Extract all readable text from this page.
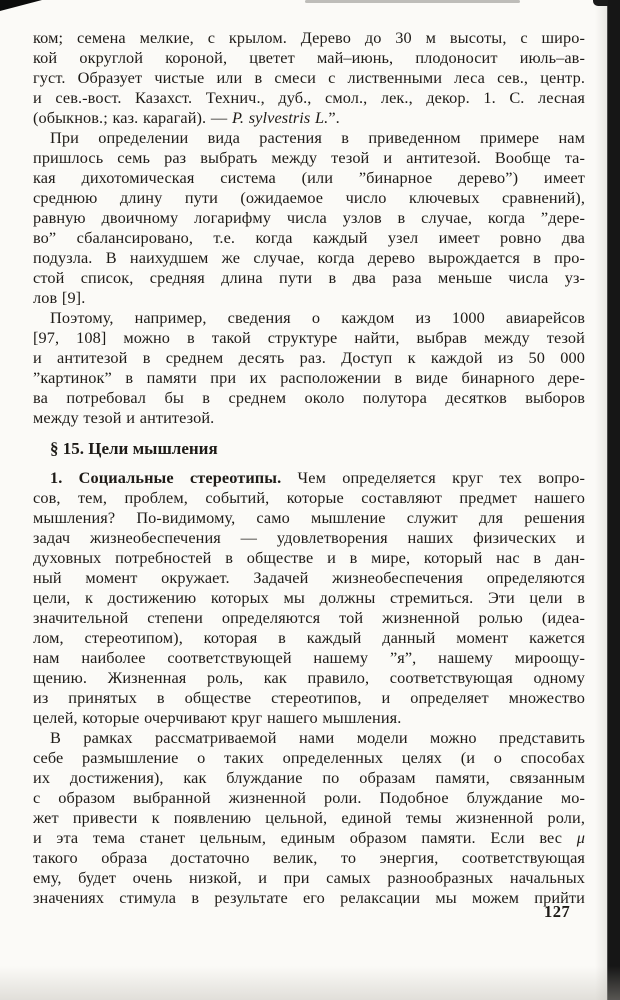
ком; семена мелкие, с крылом. Дерево до 30 м высоты, с широ-
кой округлой короной, цветет май–июнь, плодоносит июль–ав-
густ. Образует чистые или в смеси с лиственными леса сев., центр.
и сев.-вост. Казахст. Технич., дуб., смол., лек., декор. 1. С. лесная
(обыкнов.; каз. карагай). — P. sylvestris L.”.
При определении вида растения в приведенном примере нам
пришлось семь раз выбрать между тезой и антитезой. Вообще та-
кая дихотомическая система (или ”бинарное дерево”) имеет
среднюю длину пути (ожидаемое число ключевых сравнений),
равную двоичному логарифму числа узлов в случае, когда ”дере-
во” сбалансировано, т.е. когда каждый узел имеет ровно два
подузла. В наихудшем же случае, когда дерево вырождается в про-
стой список, средняя длина пути в два раза меньше числа уз-
лов [9].
Поэтому, например, сведения о каждом из 1000 авиарейсов
[97, 108] можно в такой структуре найти, выбрав между тезой
и антитезой в среднем десять раз. Доступ к каждой из 50 000
”картинок” в памяти при их расположении в виде бинарного дере-
ва потребовал бы в среднем около полутора десятков выборов
между тезой и антитезой.
§ 15. Цели мышления
1. Социальные стереотипы. Чем определяется круг тех вопро-
сов, тем, проблем, событий, которые составляют предмет нашего
мышления? По-видимому, само мышление служит для решения
задач жизнеобеспечения — удовлетворения наших физических и
духовных потребностей в обществе и в мире, который нас в дан-
ный момент окружает. Задачей жизнеобеспечения определяются
цели, к достижению которых мы должны стремиться. Эти цели в
значительной степени определяются той жизненной ролью (идеа-
лом, стереотипом), которая в каждый данный момент кажется
нам наиболее соответствующей нашему ”я”, нашему мироощу-
щению. Жизненная роль, как правило, соответствующая одному
из принятых в обществе стереотипов, и определяет множество
целей, которые очерчивают круг нашего мышления.
В рамках рассматриваемой нами модели можно представить
себе размышление о таких определенных целях (и о способах
их достижения), как блуждание по образам памяти, связанным
с образом выбранной жизненной роли. Подобное блуждание мо-
жет привести к появлению цельной, единой темы жизненной роли,
и эта тема станет цельным, единым образом памяти. Если вес μ
такого образа достаточно велик, то энергия, соответствующая
ему, будет очень низкой, и при самых разнообразных начальных
значениях стимула в результате его релаксации мы можем прийти
127
